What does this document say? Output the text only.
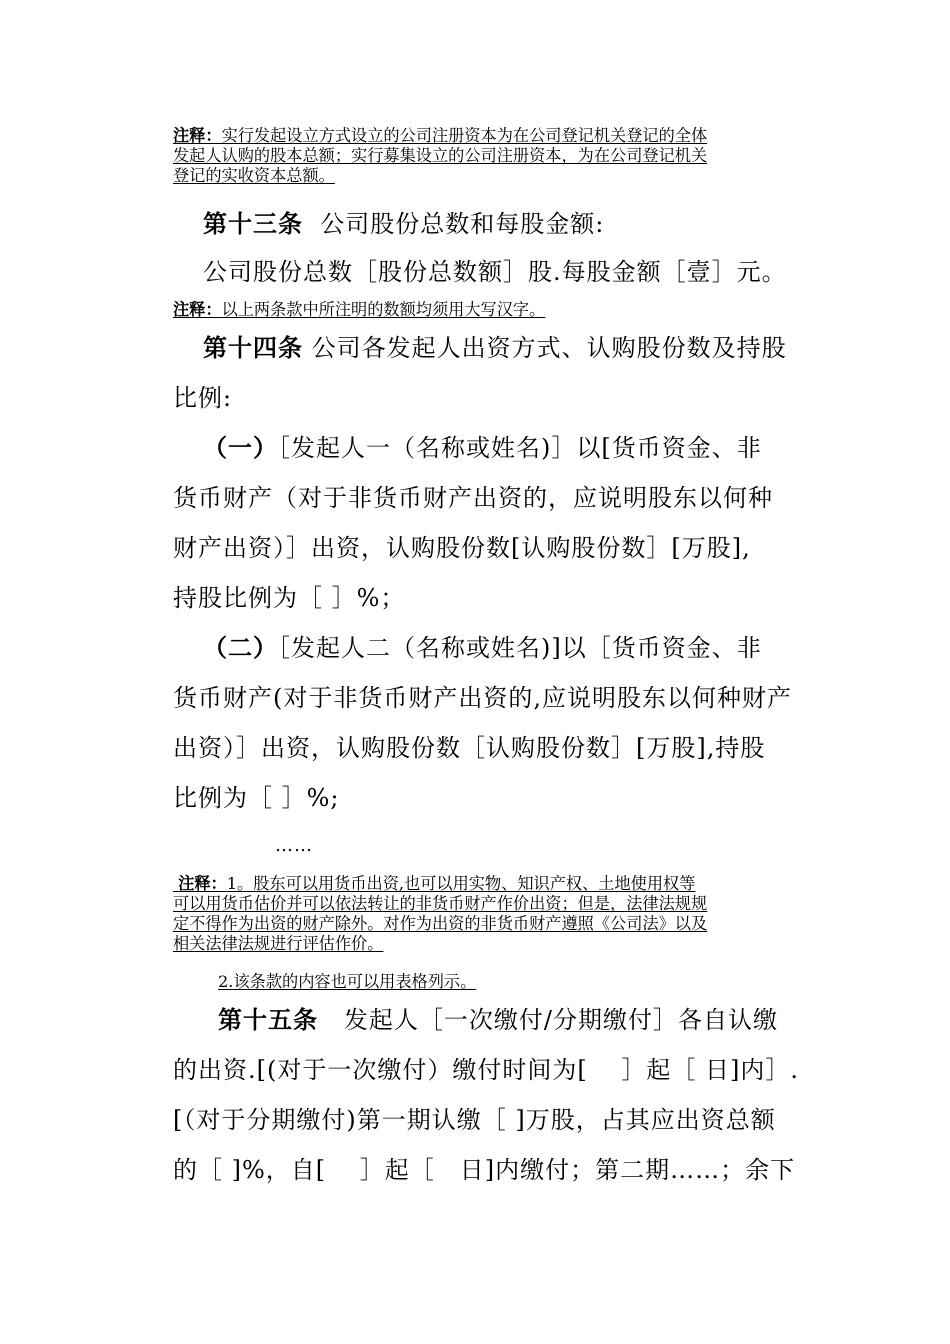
注释：实行发起设立方式设立的公司注册资本为在公司登记机关登记的全体
发起人认购的股本总额；实行募集设立的公司注册资本，为在公司登记机关
登记的实收资本总额。
第十三条 公司股份总数和每股金额:
公司股份总数［股份总数额］股.每股金额［壹］元。
注释：以上两条款中所注明的数额均须用大写汉字。
第十四条 公司各发起人出资方式、认购股份数及持股
比例:
（一）［发起人一（名称或姓名)］以[货币资金、非
货币财产（对于非货币财产出资的，应说明股东以何种
财产出资）］出资，认购股份数[认购股份数］[万股],
持股比例为［ ］%；
（二）［发起人二（名称或姓名)]以［货币资金、非
货币财产(对于非货币财产出资的,应说明股东以何种财产
出资）］出资，认购股份数［认购股份数］[万股],持股
比例为［ ］%;
……
注释：1。股东可以用货币出资,也可以用实物、知识产权、土地使用权等
可以用货币估价并可以依法转让的非货币财产作价出资；但是，法律法规规
定不得作为出资的财产除外。对作为出资的非货币财产遵照《公司法》以及
相关法律法规进行评估作价。
2.该条款的内容也可以用表格列示。
第十五条 发起人［一次缴付/分期缴付］各自认缴
的出资.[(对于一次缴付）缴付时间为[　 ］起［ 日]内］.
[（对于分期缴付)第一期认缴［ ]万股，占其应出资总额
的［ ]%，自[　 ］起［　日]内缴付；第二期……；余下
